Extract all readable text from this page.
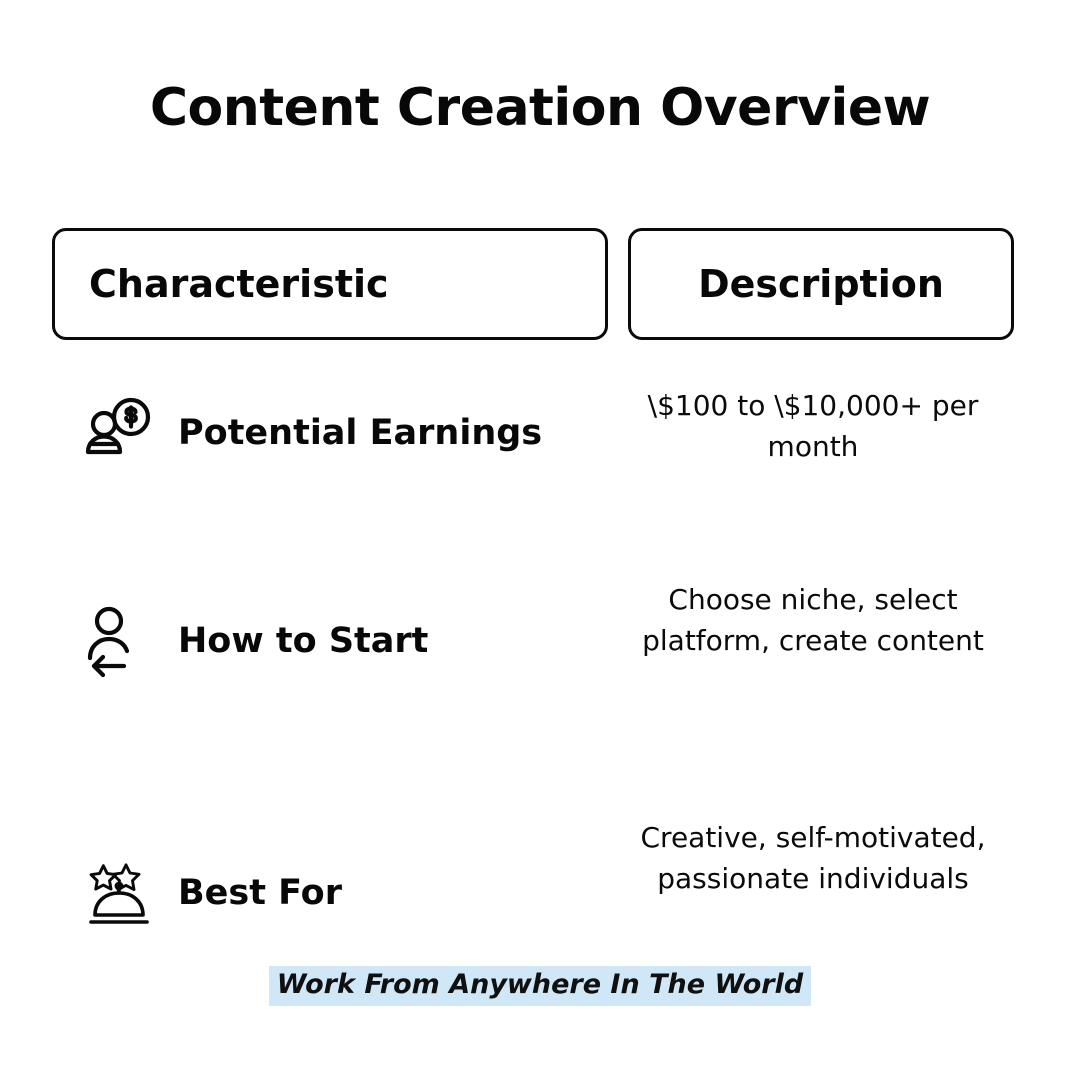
Content Creation Overview
Characteristic	Description
Potential Earnings
\$100 to \$10,000+ per month
How to Start
Choose niche, select platform, create content
Best For
Creative, self-motivated, passionate individuals
Work From Anywhere In The World
